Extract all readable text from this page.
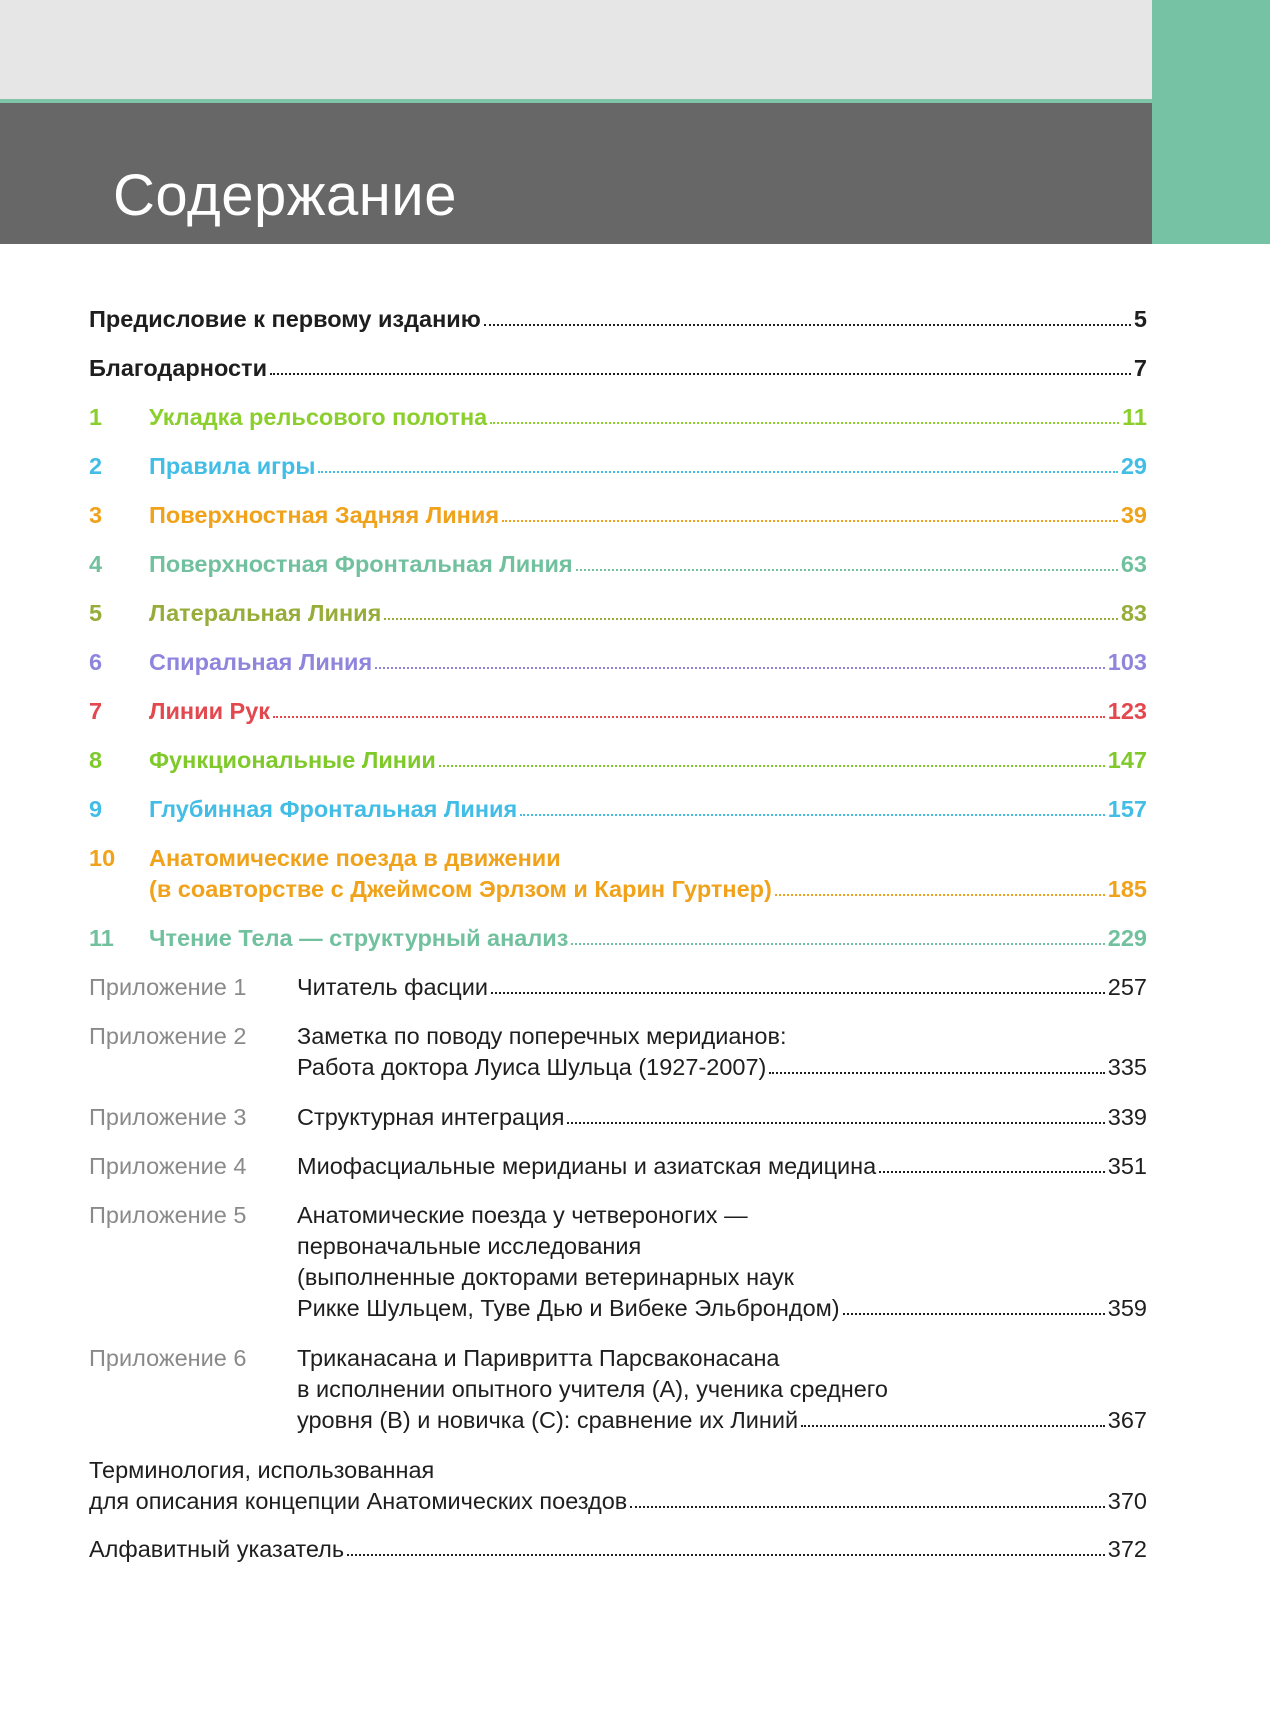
Содержание
Предисловие к первому изданию	5
Благодарности	7
1 Укладка рельсового полотна	11
2 Правила игры	29
3 Поверхностная Задняя Линия	39
4 Поверхностная Фронтальная Линия	63
5 Латеральная Линия	83
6 Спиральная Линия	103
7 Линии Рук	123
8 Функциональные Линии	147
9 Глубинная Фронтальная Линия	157
10 Анатомические поезда в движении
(в соавторстве с Джеймсом Эрлзом и Карин Гуртнер)	185
11 Чтение Тела — структурный анализ	229
Приложение 1 Читатель фасции	257
Приложение 2 Заметка по поводу поперечных меридианов:
Работа доктора Луиса Шульца (1927-2007)	335
Приложение 3 Структурная интеграция	339
Приложение 4 Миофасциальные меридианы и азиатская медицина	351
Приложение 5 Анатомические поезда у четвероногих —
первоначальные исследования
(выполненные докторами ветеринарных наук
Рикке Шульцем, Туве Дью и Вибеке Эльброндом)	359
Приложение 6 Триканасана и Паривритта Парсваконасана
в исполнении опытного учителя (А), ученика среднего
уровня (В) и новичка (С): сравнение их Линий	367
Терминология, использованная
для описания концепции Анатомических поездов	370
Алфавитный указатель	372
